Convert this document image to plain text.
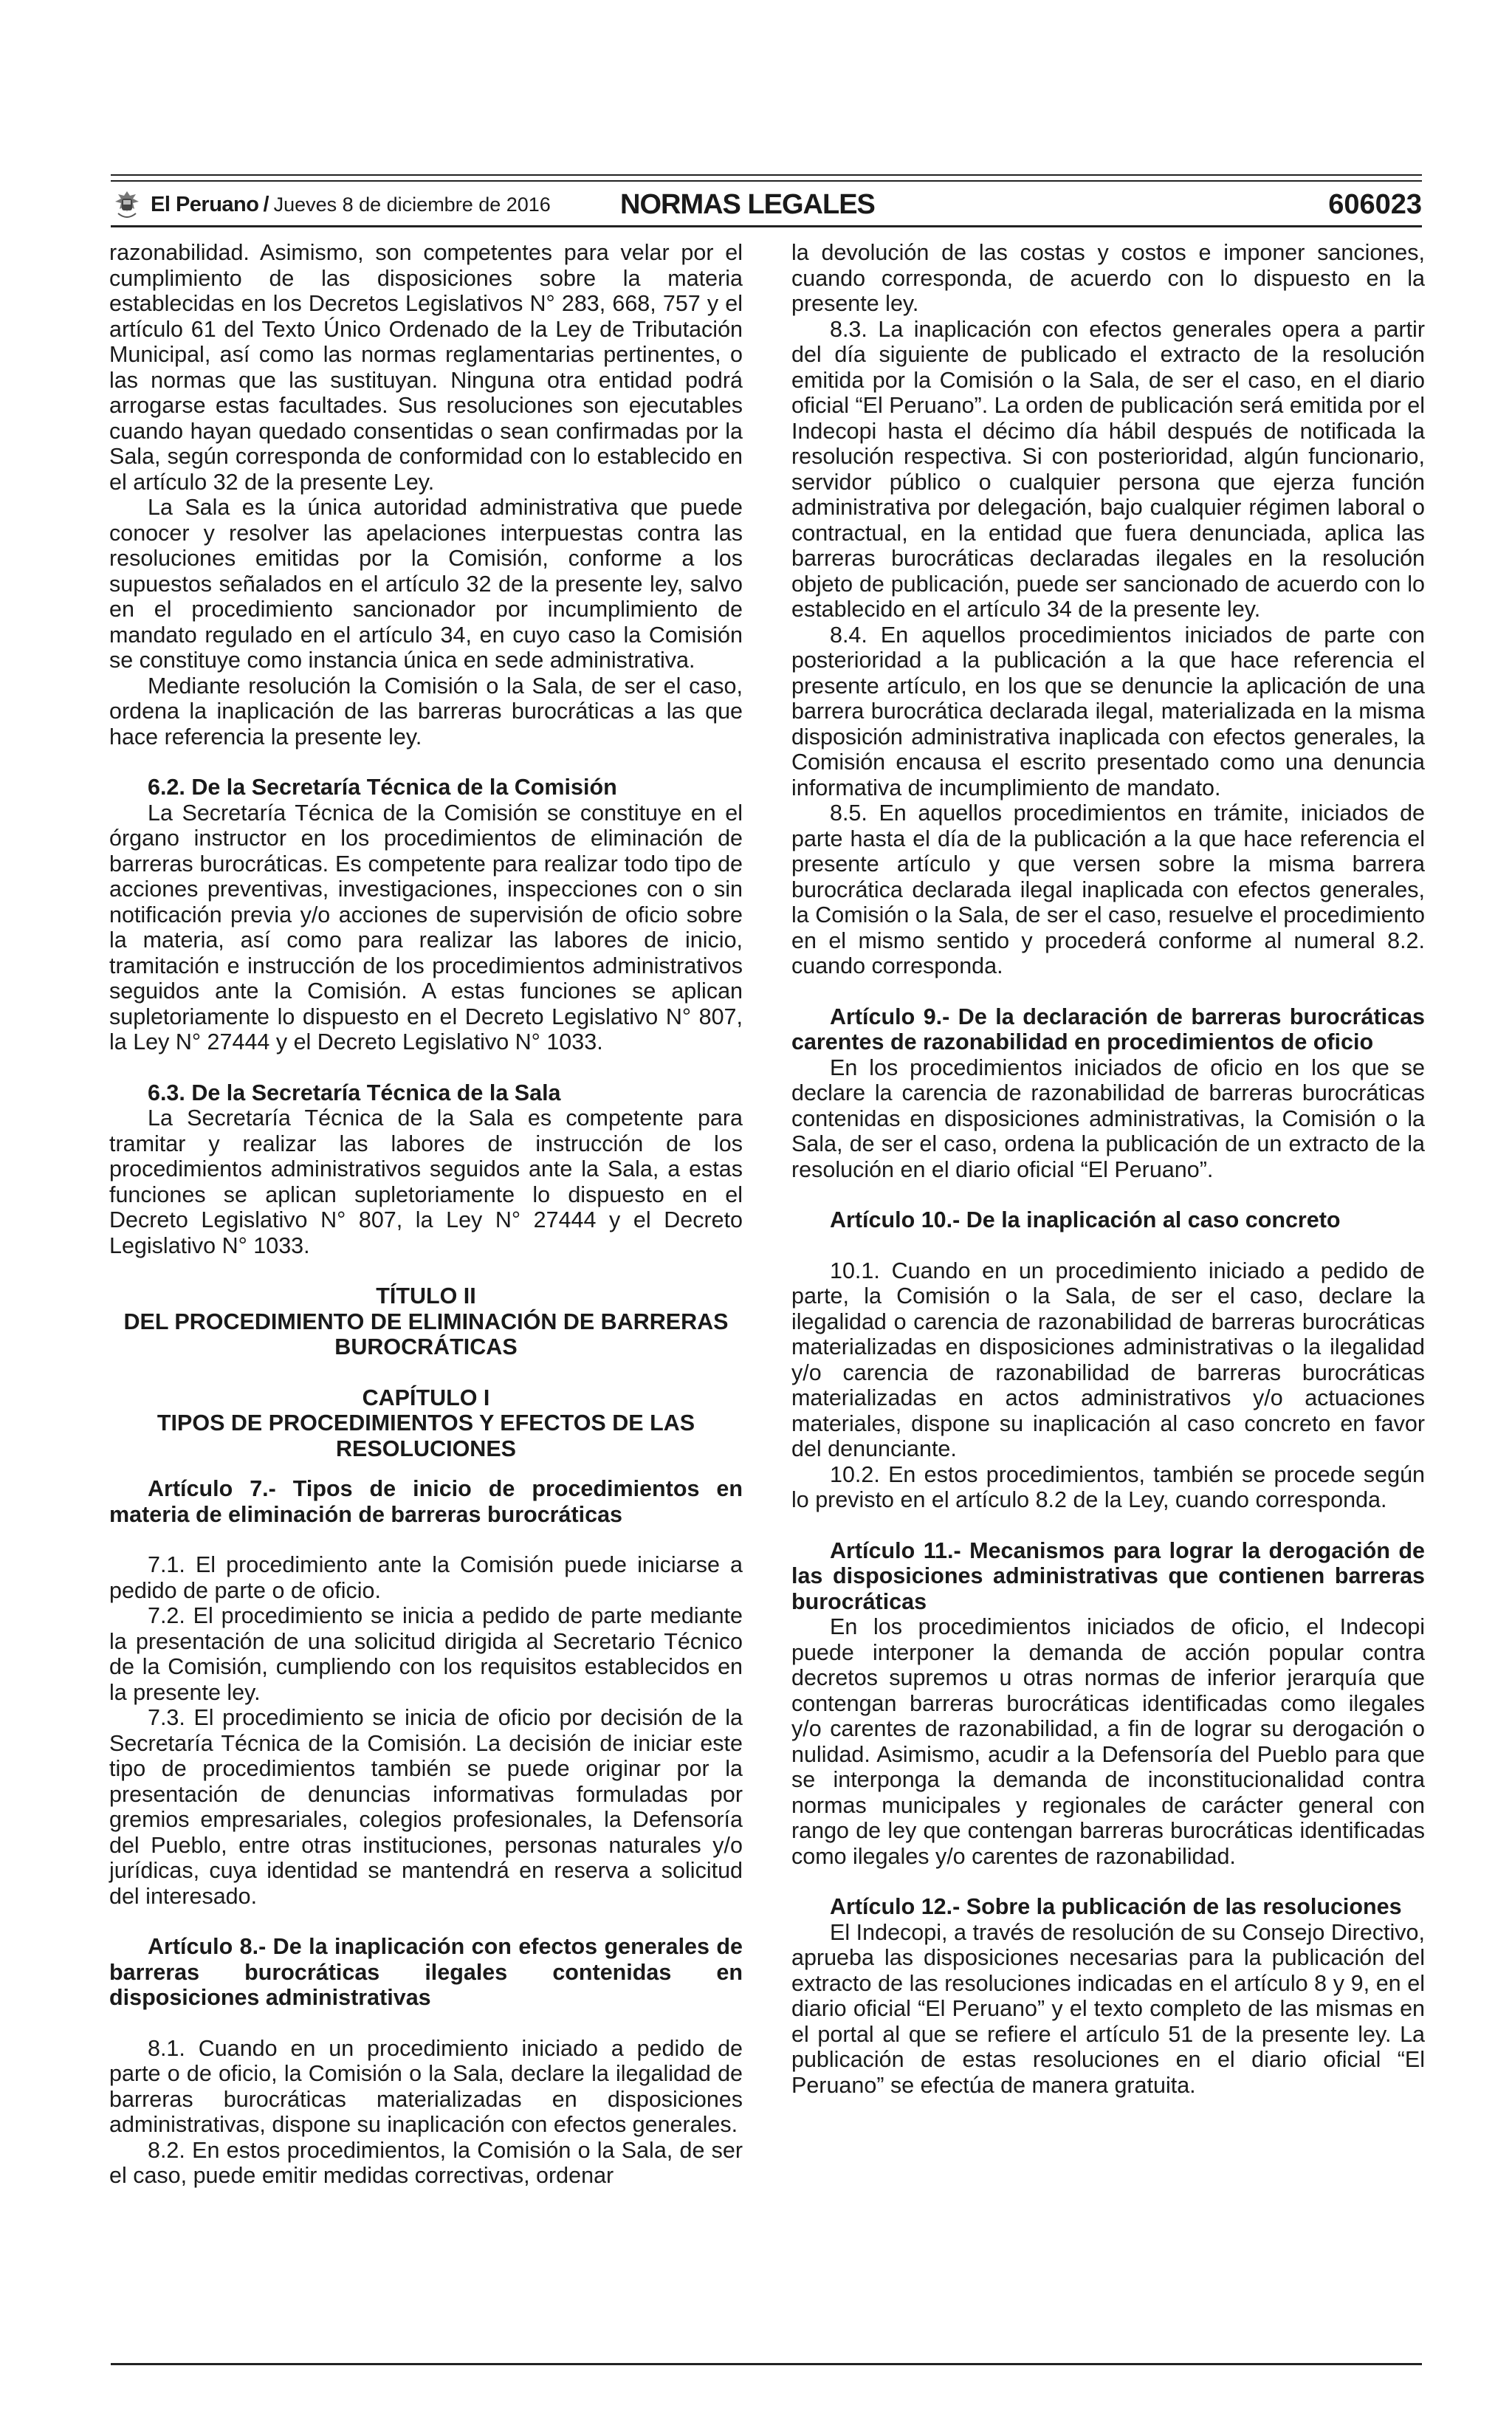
El Peruano / Jueves 8 de diciembre de 2016 NORMAS LEGALES	606023

razonabilidad. Asimismo, son competentes para velar por el cumplimiento de las disposiciones sobre la materia establecidas en los Decretos Legislativos N° 283, 668, 757 y el artículo 61 del Texto Único Ordenado de la Ley de Tributación Municipal, así como las normas reglamentarias pertinentes, o las normas que las sustituyan. Ninguna otra entidad podrá arrogarse estas facultades. Sus resoluciones son ejecutables cuando hayan quedado consentidas o sean confirmadas por la Sala, según corresponda de conformidad con lo establecido en el artículo 32 de la presente Ley.

La Sala es la única autoridad administrativa que puede conocer y resolver las apelaciones interpuestas contra las resoluciones emitidas por la Comisión, conforme a los supuestos señalados en el artículo 32 de la presente ley, salvo en el procedimiento sancionador por incumplimiento de mandato regulado en el artículo 34, en cuyo caso la Comisión se constituye como instancia única en sede administrativa.

Mediante resolución la Comisión o la Sala, de ser el caso, ordena la inaplicación de las barreras burocráticas a las que hace referencia la presente ley.

6.2. De la Secretaría Técnica de la Comisión

La Secretaría Técnica de la Comisión se constituye en el órgano instructor en los procedimientos de eliminación de barreras burocráticas. Es competente para realizar todo tipo de acciones preventivas, investigaciones, inspecciones con o sin notificación previa y/o acciones de supervisión de oficio sobre la materia, así como para realizar las labores de inicio, tramitación e instrucción de los procedimientos administrativos seguidos ante la Comisión. A estas funciones se aplican supletoriamente lo dispuesto en el Decreto Legislativo N° 807, la Ley N° 27444 y el Decreto Legislativo N° 1033.

6.3. De la Secretaría Técnica de la Sala

La Secretaría Técnica de la Sala es competente para tramitar y realizar las labores de instrucción de los procedimientos administrativos seguidos ante la Sala, a estas funciones se aplican supletoriamente lo dispuesto en el Decreto Legislativo N° 807, la Ley N° 27444 y el Decreto Legislativo N° 1033.

TÍTULO II

DEL PROCEDIMIENTO DE ELIMINACIÓN DE BARRERAS BUROCRÁTICAS

CAPÍTULO I

TIPOS DE PROCEDIMIENTOS Y EFECTOS DE LAS RESOLUCIONES

Artículo 7.- Tipos de inicio de procedimientos en materia de eliminación de barreras burocráticas

7.1. El procedimiento ante la Comisión puede iniciarse a pedido de parte o de oficio.

7.2. El procedimiento se inicia a pedido de parte mediante la presentación de una solicitud dirigida al Secretario Técnico de la Comisión, cumpliendo con los requisitos establecidos en la presente ley.

7.3. El procedimiento se inicia de oficio por decisión de la Secretaría Técnica de la Comisión. La decisión de iniciar este tipo de procedimientos también se puede originar por la presentación de denuncias informativas formuladas por gremios empresariales, colegios profesionales, la Defensoría del Pueblo, entre otras instituciones, personas naturales y/o jurídicas, cuya identidad se mantendrá en reserva a solicitud del interesado.

Artículo 8.- De la inaplicación con efectos generales de barreras burocráticas ilegales contenidas en disposiciones administrativas

8.1. Cuando en un procedimiento iniciado a pedido de parte o de oficio, la Comisión o la Sala, declare la ilegalidad de barreras burocráticas materializadas en disposiciones administrativas, dispone su inaplicación con efectos generales.

8.2. En estos procedimientos, la Comisión o la Sala, de ser el caso, puede emitir medidas correctivas, ordenar

la devolución de las costas y costos e imponer sanciones, cuando corresponda, de acuerdo con lo dispuesto en la presente ley.

8.3. La inaplicación con efectos generales opera a partir del día siguiente de publicado el extracto de la resolución emitida por la Comisión o la Sala, de ser el caso, en el diario oficial “El Peruano”. La orden de publicación será emitida por el Indecopi hasta el décimo día hábil después de notificada la resolución respectiva. Si con posterioridad, algún funcionario, servidor público o cualquier persona que ejerza función administrativa por delegación, bajo cualquier régimen laboral o contractual, en la entidad que fuera denunciada, aplica las barreras burocráticas declaradas ilegales en la resolución objeto de publicación, puede ser sancionado de acuerdo con lo establecido en el artículo 34 de la presente ley.

8.4. En aquellos procedimientos iniciados de parte con posterioridad a la publicación a la que hace referencia el presente artículo, en los que se denuncie la aplicación de una barrera burocrática declarada ilegal, materializada en la misma disposición administrativa inaplicada con efectos generales, la Comisión encausa el escrito presentado como una denuncia informativa de incumplimiento de mandato.

8.5. En aquellos procedimientos en trámite, iniciados de parte hasta el día de la publicación a la que hace referencia el presente artículo y que versen sobre la misma barrera burocrática declarada ilegal inaplicada con efectos generales, la Comisión o la Sala, de ser el caso, resuelve el procedimiento en el mismo sentido y procederá conforme al numeral 8.2. cuando corresponda.

Artículo 9.- De la declaración de barreras burocráticas carentes de razonabilidad en procedimientos de oficio

En los procedimientos iniciados de oficio en los que se declare la carencia de razonabilidad de barreras burocráticas contenidas en disposiciones administrativas, la Comisión o la Sala, de ser el caso, ordena la publicación de un extracto de la resolución en el diario oficial “El Peruano”.

Artículo 10.- De la inaplicación al caso concreto

10.1. Cuando en un procedimiento iniciado a pedido de parte, la Comisión o la Sala, de ser el caso, declare la ilegalidad o carencia de razonabilidad de barreras burocráticas materializadas en disposiciones administrativas o la ilegalidad y/o carencia de razonabilidad de barreras burocráticas materializadas en actos administrativos y/o actuaciones materiales, dispone su inaplicación al caso concreto en favor del denunciante.

10.2. En estos procedimientos, también se procede según lo previsto en el artículo 8.2 de la Ley, cuando corresponda.

Artículo 11.- Mecanismos para lograr la derogación de las disposiciones administrativas que contienen barreras burocráticas

En los procedimientos iniciados de oficio, el Indecopi puede interponer la demanda de acción popular contra decretos supremos u otras normas de inferior jerarquía que contengan barreras burocráticas identificadas como ilegales y/o carentes de razonabilidad, a fin de lograr su derogación o nulidad. Asimismo, acudir a la Defensoría del Pueblo para que se interponga la demanda de inconstitucionalidad contra normas municipales y regionales de carácter general con rango de ley que contengan barreras burocráticas identificadas como ilegales y/o carentes de razonabilidad.

Artículo 12.- Sobre la publicación de las resoluciones

El Indecopi, a través de resolución de su Consejo Directivo, aprueba las disposiciones necesarias para la publicación del extracto de las resoluciones indicadas en el artículo 8 y 9, en el diario oficial “El Peruano” y el texto completo de las mismas en el portal al que se refiere el artículo 51 de la presente ley. La publicación de estas resoluciones en el diario oficial “El Peruano” se efectúa de manera gratuita.
